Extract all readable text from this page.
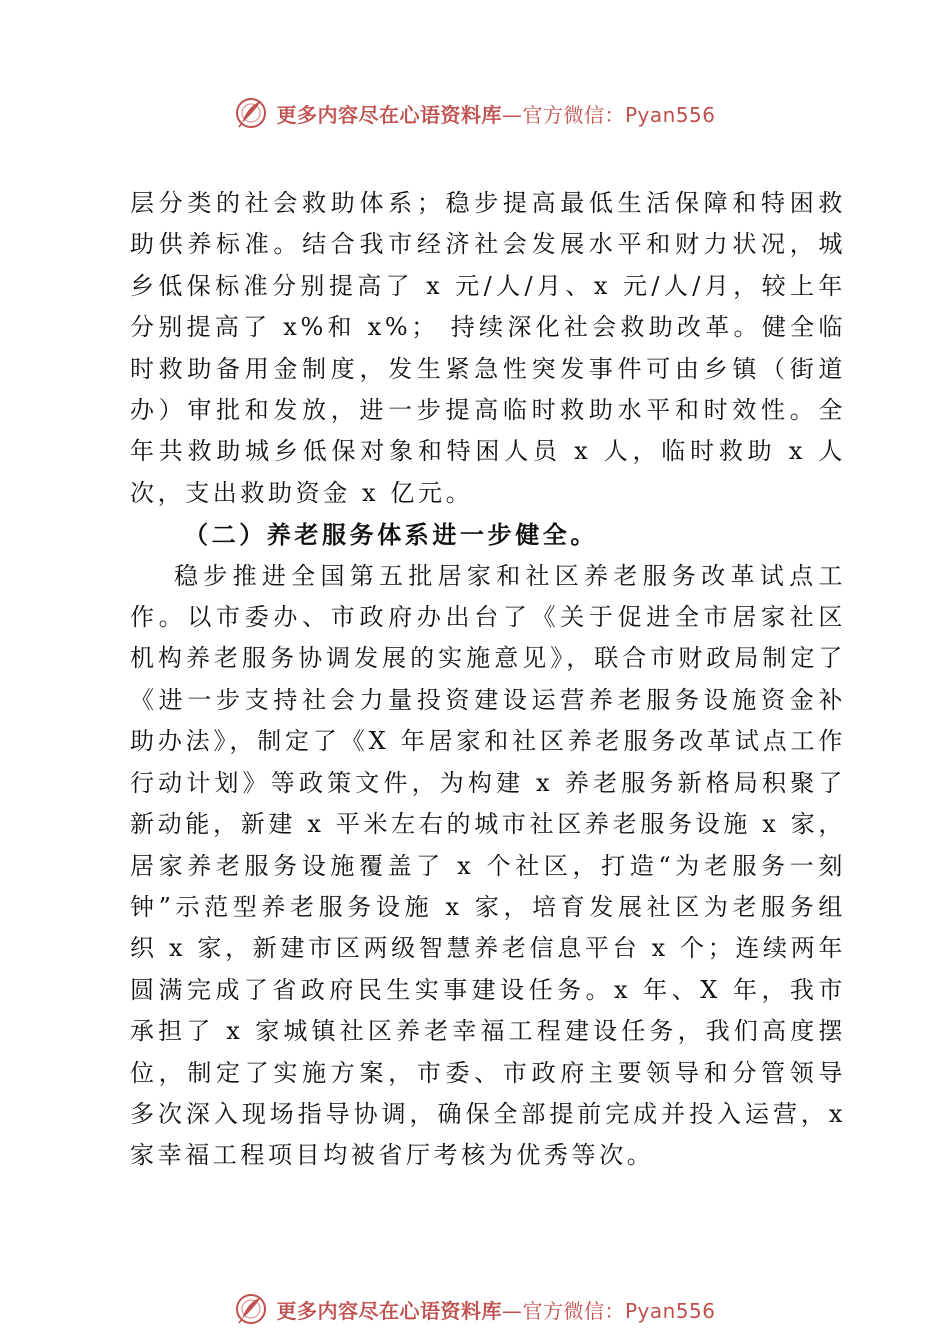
更多内容尽在心语资料库—官方微信：Pyan556

层分类的社会救助体系；稳步提高最低生活保障和特困救助供养标准。结合我市经济社会发展水平和财力状况，城乡低保标准分别提高了 x 元/人/月、x 元/人/月，较上年分别提高了 x%和 x%； 持续深化社会救助改革。健全临时救助备用金制度，发生紧急性突发事件可由乡镇（街道办）审批和发放，进一步提高临时救助水平和时效性。全年共救助城乡低保对象和特困人员 x 人，临时救助 x 人次，支出救助资金 x 亿元。

（二）养老服务体系进一步健全。

稳步推进全国第五批居家和社区养老服务改革试点工作。以市委办、市政府办出台了《关于促进全市居家社区机构养老服务协调发展的实施意见》，联合市财政局制定了《进一步支持社会力量投资建设运营养老服务设施资金补助办法》，制定了《X 年居家和社区养老服务改革试点工作行动计划》等政策文件，为构建 x 养老服务新格局积聚了新动能，新建 x 平米左右的城市社区养老服务设施 x 家，居家养老服务设施覆盖了 x 个社区，打造“为老服务一刻钟”示范型养老服务设施 x 家，培育发展社区为老服务组织 x 家，新建市区两级智慧养老信息平台 x 个；连续两年圆满完成了省政府民生实事建设任务。x 年、X 年，我市承担了 x 家城镇社区养老幸福工程建设任务，我们高度摆位，制定了实施方案，市委、市政府主要领导和分管领导多次深入现场指导协调，确保全部提前完成并投入运营，x 家幸福工程项目均被省厅考核为优秀等次。

更多内容尽在心语资料库—官方微信：Pyan556
